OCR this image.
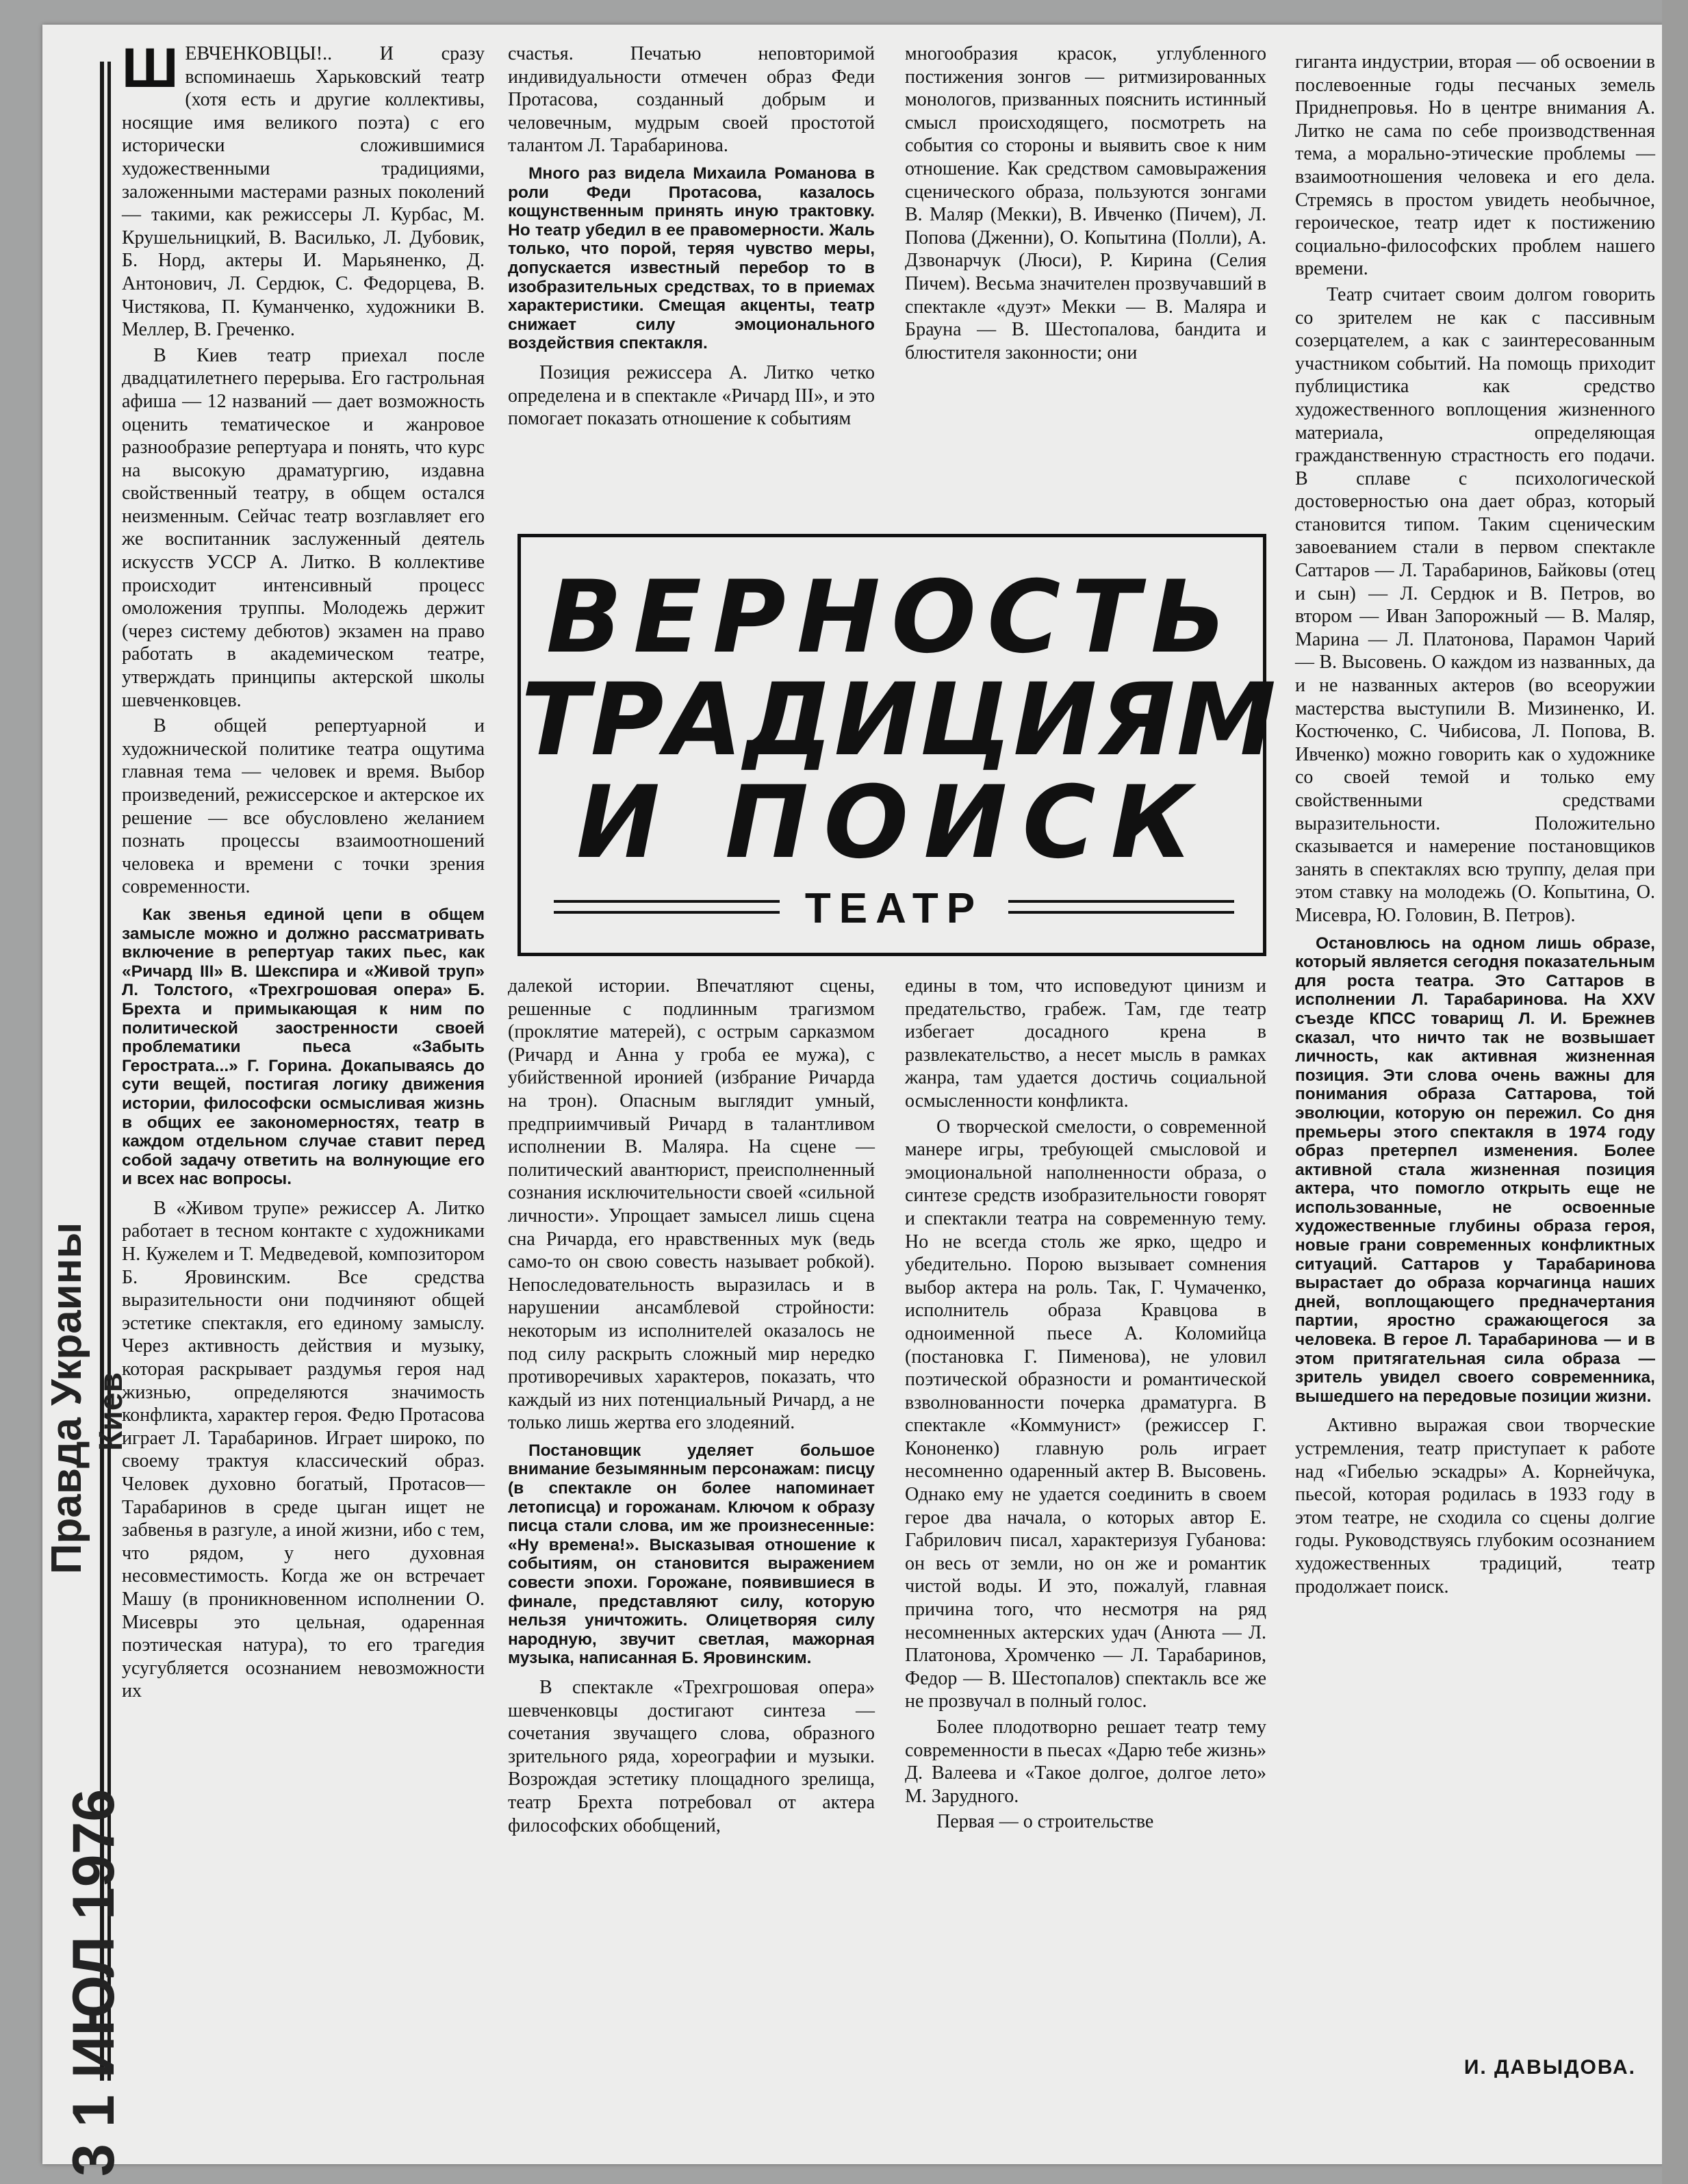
Правда Украины Киев
3 1 ИЮЛ 1976

ШЕВЧЕНКОВЦЫ!.. И сразу вспоминаешь Харьковский театр (хотя есть и другие коллективы, носящие имя великого поэта) с его исторически сложившимися художественными традициями, заложенными мастерами разных поколений — такими, как режиссеры Л. Курбас, М. Крушельницкий, В. Василько, Л. Дубовик, Б. Норд, актеры И. Марьяненко, Д. Антонович, Л. Сердюк, С. Федорцева, В. Чистякова, П. Куманченко, художники В. Меллер, В. Греченко.

В Киев театр приехал после двадцатилетнего перерыва. Его гастрольная афиша — 12 названий — дает возможность оценить тематическое и жанровое разнообразие репертуара и понять, что курс на высокую драматургию, издавна свойственный театру, в общем остался неизменным. Сейчас театр возглавляет его же воспитанник заслуженный деятель искусств УССР А. Литко. В коллективе происходит интенсивный процесс омоложения труппы. Молодежь держит (через систему дебютов) экзамен на право работать в академическом театре, утверждать принципы актерской школы шевченковцев.

В общей репертуарной и художнической политике театра ощутима главная тема — человек и время. Выбор произведений, режиссерское и актерское их решение — все обусловлено желанием познать процессы взаимоотношений человека и времени с точки зрения современности.

Как звенья единой цепи в общем замысле можно и должно рассматривать включение в репертуар таких пьес, как «Ричард III» В. Шекспира и «Живой труп» Л. Толстого, «Трехгрошовая опера» Б. Брехта и примыкающая к ним по политической заостренности своей проблематики пьеса «Забыть Герострата...» Г. Горина. Докапываясь до сути вещей, постигая логику движения истории, философски осмысливая жизнь в общих ее закономерностях, театр в каждом отдельном случае ставит перед собой задачу ответить на волнующие его и всех нас вопросы.

В «Живом трупе» режиссер А. Литко работает в тесном контакте с художниками Н. Кужелем и Т. Медведевой, композитором Б. Яровинским. Все средства выразительности они подчиняют общей эстетике спектакля, его единому замыслу. Через активность действия и музыку, которая раскрывает раздумья героя над жизнью, определяются значимость конфликта, характер героя. Федю Протасова играет Л. Тарабаринов. Играет широко, по своему трактуя классический образ. Человек духовно богатый, Протасов—Тарабаринов в среде цыган ищет не забвенья в разгуле, а иной жизни, ибо с тем, что рядом, у него духовная несовместимость. Когда же он встречает Машу (в проникновенном исполнении О. Мисевры это цельная, одаренная поэтическая натура), то его трагедия усугубляется осознанием невозможности их

счастья. Печатью неповторимой индивидуальности отмечен образ Феди Протасова, созданный добрым и человечным, мудрым своей простотой талантом Л. Тарабаринова.

Много раз видела Михаила Романова в роли Феди Протасова, казалось кощунственным принять иную трактовку. Но театр убедил в ее правомерности. Жаль только, что порой, теряя чувство меры, допускается известный перебор то в изобразительных средствах, то в приемах характеристики. Смещая акценты, театр снижает силу эмоционального воздействия спектакля.

Позиция режиссера А. Литко четко определена и в спектакле «Ричард III», и это помогает показать отношение к событиям

многообразия красок, углубленного постижения зонгов — ритмизированных монологов, призванных пояснить истинный смысл происходящего, посмотреть на события со стороны и выявить свое к ним отношение. Как средством самовыражения сценического образа, пользуются зонгами В. Маляр (Мекки), В. Ивченко (Пичем), Л. Попова (Дженни), О. Копытина (Полли), А. Дзвонарчук (Люси), Р. Кирина (Селия Пичем). Весьма значителен прозвучавший в спектакле «дуэт» Мекки — В. Маляра и Брауна — В. Шестопалова, бандита и блюстителя законности; они

ВЕРНОСТЬ
ТРАДИЦИЯМ
И ПОИСК
ТЕАТР

далекой истории. Впечатляют сцены, решенные с подлинным трагизмом (проклятие матерей), с острым сарказмом (Ричард и Анна у гроба ее мужа), с убийственной иронией (избрание Ричарда на трон). Опасным выглядит умный, предприимчивый Ричард в талантливом исполнении В. Маляра. На сцене — политический авантюрист, преисполненный сознания исключительности своей «сильной личности». Упрощает замысел лишь сцена сна Ричарда, его нравственных мук (ведь само-то он свою совесть называет робкой). Непоследовательность выразилась и в нарушении ансамблевой стройности: некоторым из исполнителей оказалось не под силу раскрыть сложный мир нередко противоречивых характеров, показать, что каждый из них потенциальный Ричард, а не только лишь жертва его злодеяний.

Постановщик уделяет большое внимание безымянным персонажам: писцу (в спектакле он более напоминает летописца) и горожанам. Ключом к образу писца стали слова, им же произнесенные: «Ну времена!». Высказывая отношение к событиям, он становится выражением совести эпохи. Горожане, появившиеся в финале, представляют силу, которую нельзя уничтожить. Олицетворяя силу народную, звучит светлая, мажорная музыка, написанная Б. Яровинским.

В спектакле «Трехгрошовая опера» шевченковцы достигают синтеза — сочетания звучащего слова, образного зрительного ряда, хореографии и музыки. Возрождая эстетику площадного зрелища, театр Брехта потребовал от актера философских обобщений,

едины в том, что исповедуют цинизм и предательство, грабеж. Там, где театр избегает досадного крена в развлекательство, а несет мысль в рамках жанра, там удается достичь социальной осмысленности конфликта.

О творческой смелости, о современной манере игры, требующей смысловой и эмоциональной наполненности образа, о синтезе средств изобразительности говорят и спектакли театра на современную тему. Но не всегда столь же ярко, щедро и убедительно. Порою вызывает сомнения выбор актера на роль. Так, Г. Чумаченко, исполнитель образа Кравцова в одноименной пьесе А. Коломийца (постановка Г. Пименова), не уловил поэтической образности и романтической взволнованности почерка драматурга. В спектакле «Коммунист» (режиссер Г. Кононенко) главную роль играет несомненно одаренный актер В. Высовень. Однако ему не удается соединить в своем герое два начала, о которых автор Е. Габрилович писал, характеризуя Губанова: он весь от земли, но он же и романтик чистой воды. И это, пожалуй, главная причина того, что несмотря на ряд несомненных актерских удач (Анюта — Л. Платонова, Хромченко — Л. Тарабаринов, Федор — В. Шестопалов) спектакль все же не прозвучал в полный голос.

Более плодотворно решает театр тему современности в пьесах «Дарю тебе жизнь» Д. Валеева и «Такое долгое, долгое лето» М. Зарудного.

Первая — о строительстве

гиганта индустрии, вторая — об освоении в послевоенные годы песчаных земель Приднепровья. Но в центре внимания А. Литко не сама по себе производственная тема, а морально-этические проблемы — взаимоотношения человека и его дела. Стремясь в простом увидеть необычное, героическое, театр идет к постижению социально-философских проблем нашего времени.

Театр считает своим долгом говорить со зрителем не как с пассивным созерцателем, а как с заинтересованным участником событий. На помощь приходит публицистика как средство художественного воплощения жизненного материала, определяющая гражданственную страстность его подачи. В сплаве с психологической достоверностью она дает образ, который становится типом. Таким сценическим завоеванием стали в первом спектакле Саттаров — Л. Тарабаринов, Байковы (отец и сын) — Л. Сердюк и В. Петров, во втором — Иван Запорожный — В. Маляр, Марина — Л. Платонова, Парамон Чарий — В. Высовень. О каждом из названных, да и не названных актеров (во всеоружии мастерства выступили В. Мизиненко, И. Костюченко, С. Чибисова, Л. Попова, В. Ивченко) можно говорить как о художнике со своей темой и только ему свойственными средствами выразительности. Положительно сказывается и намерение постановщиков занять в спектаклях всю труппу, делая при этом ставку на молодежь (О. Копытина, О. Мисевра, Ю. Головин, В. Петров).

Остановлюсь на одном лишь образе, который является сегодня показательным для роста театра. Это Саттаров в исполнении Л. Тарабаринова. На XXV съезде КПСС товарищ Л. И. Брежнев сказал, что ничто так не возвышает личность, как активная жизненная позиция. Эти слова очень важны для понимания образа Саттарова, той эволюции, которую он пережил. Со дня премьеры этого спектакля в 1974 году образ претерпел изменения. Более активной стала жизненная позиция актера, что помогло открыть еще не использованные, не освоенные художественные глубины образа героя, новые грани современных конфликтных ситуаций. Саттаров у Тарабаринова вырастает до образа корчагинца наших дней, воплощающего предначертания партии, яростно сражающегося за человека. В герое Л. Тарабаринова — и в этом притягательная сила образа — зритель увидел своего современника, вышедшего на передовые позиции жизни.

Активно выражая свои творческие устремления, театр приступает к работе над «Гибелью эскадры» А. Корнейчука, пьесой, которая родилась в 1933 году в этом театре, не сходила со сцены долгие годы. Руководствуясь глубоким осознанием художественных традиций, театр продолжает поиск.

И. ДАВЫДОВА.
